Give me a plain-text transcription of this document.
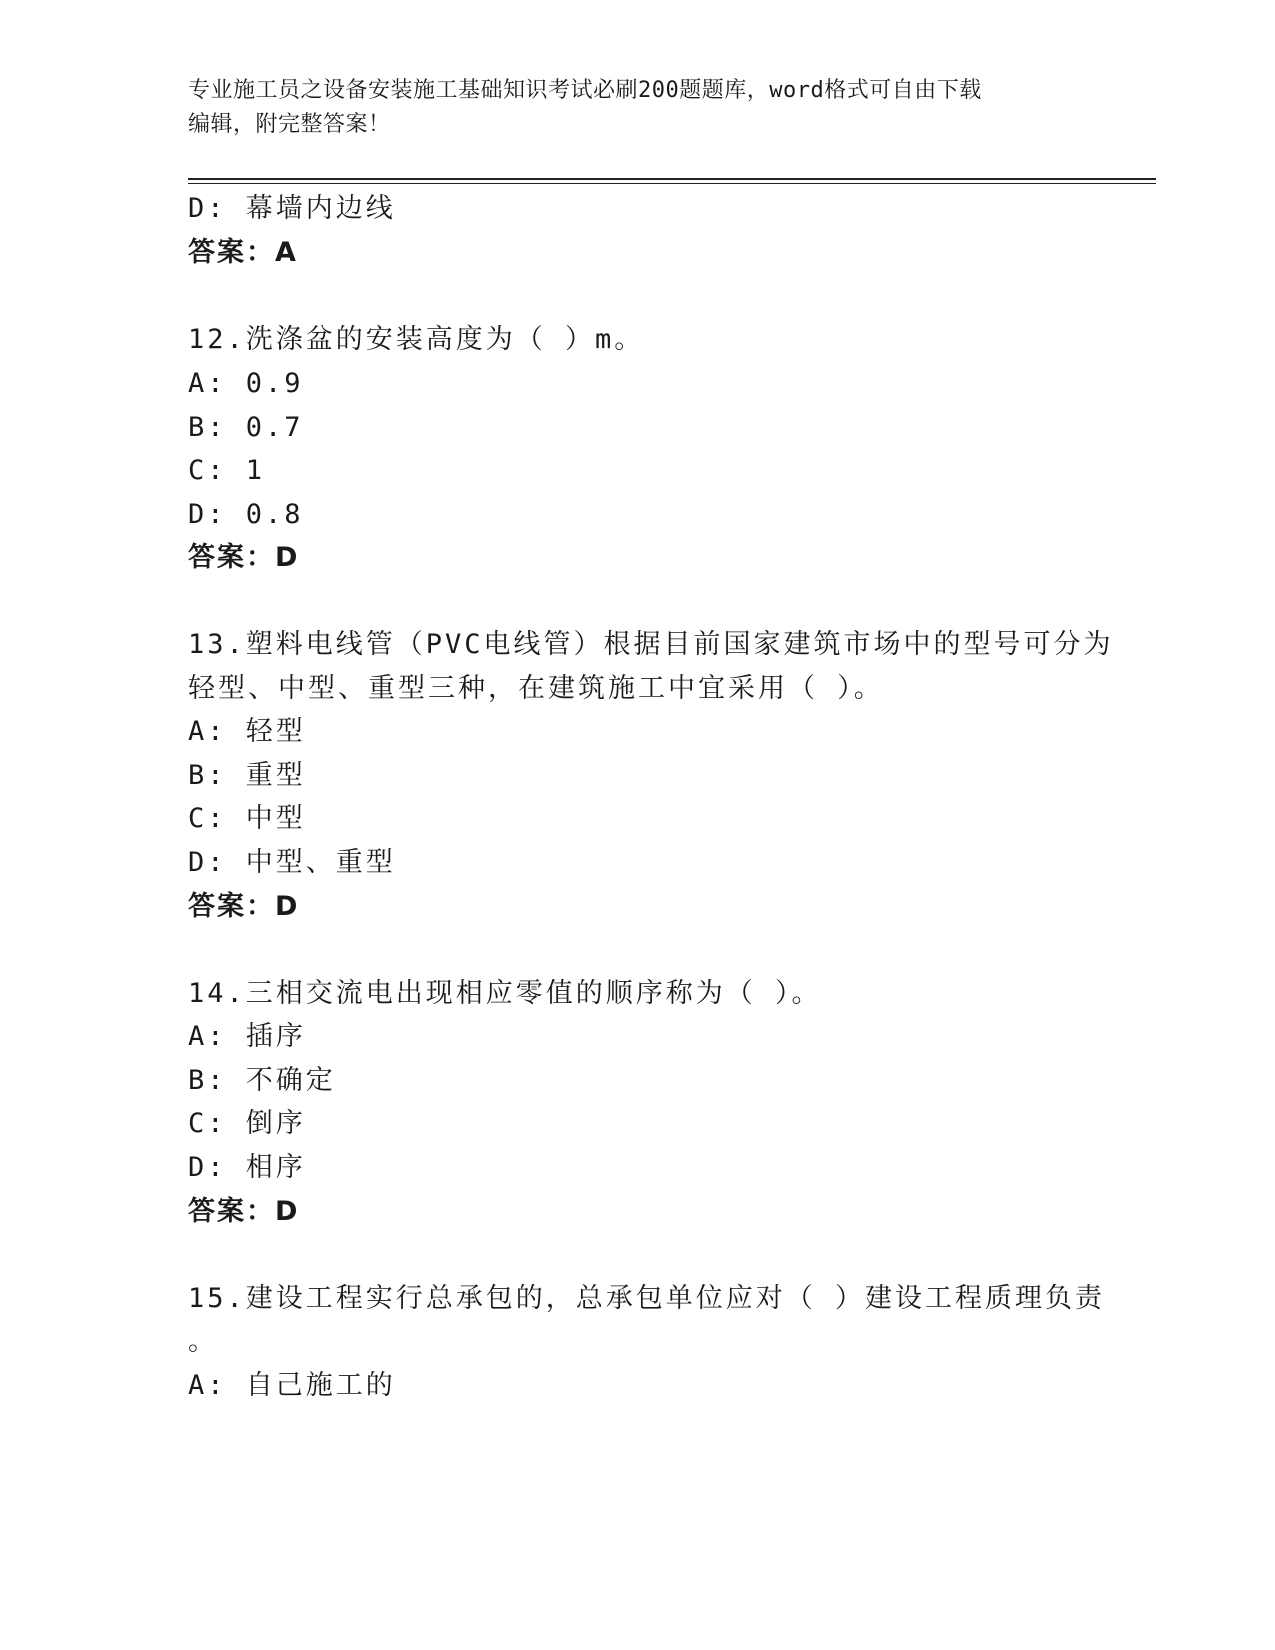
专业施工员之设备安装施工基础知识考试必刷200题题库，word格式可自由下载
编辑，附完整答案！
D: 幕墙内边线
答案：A
12.洗涤盆的安装高度为（ ）m。
A: 0.9
B: 0.7
C: 1
D: 0.8
答案：D
13.塑料电线管（PVC电线管）根据目前国家建筑市场中的型号可分为
轻型、中型、重型三种，在建筑施工中宜采用（ ）。
A: 轻型
B: 重型
C: 中型
D: 中型、重型
答案：D
14.三相交流电出现相应零值的顺序称为（ ）。
A: 插序
B: 不确定
C: 倒序
D: 相序
答案：D
15.建设工程实行总承包的，总承包单位应对（ ）建设工程质理负责
。
A: 自己施工的
